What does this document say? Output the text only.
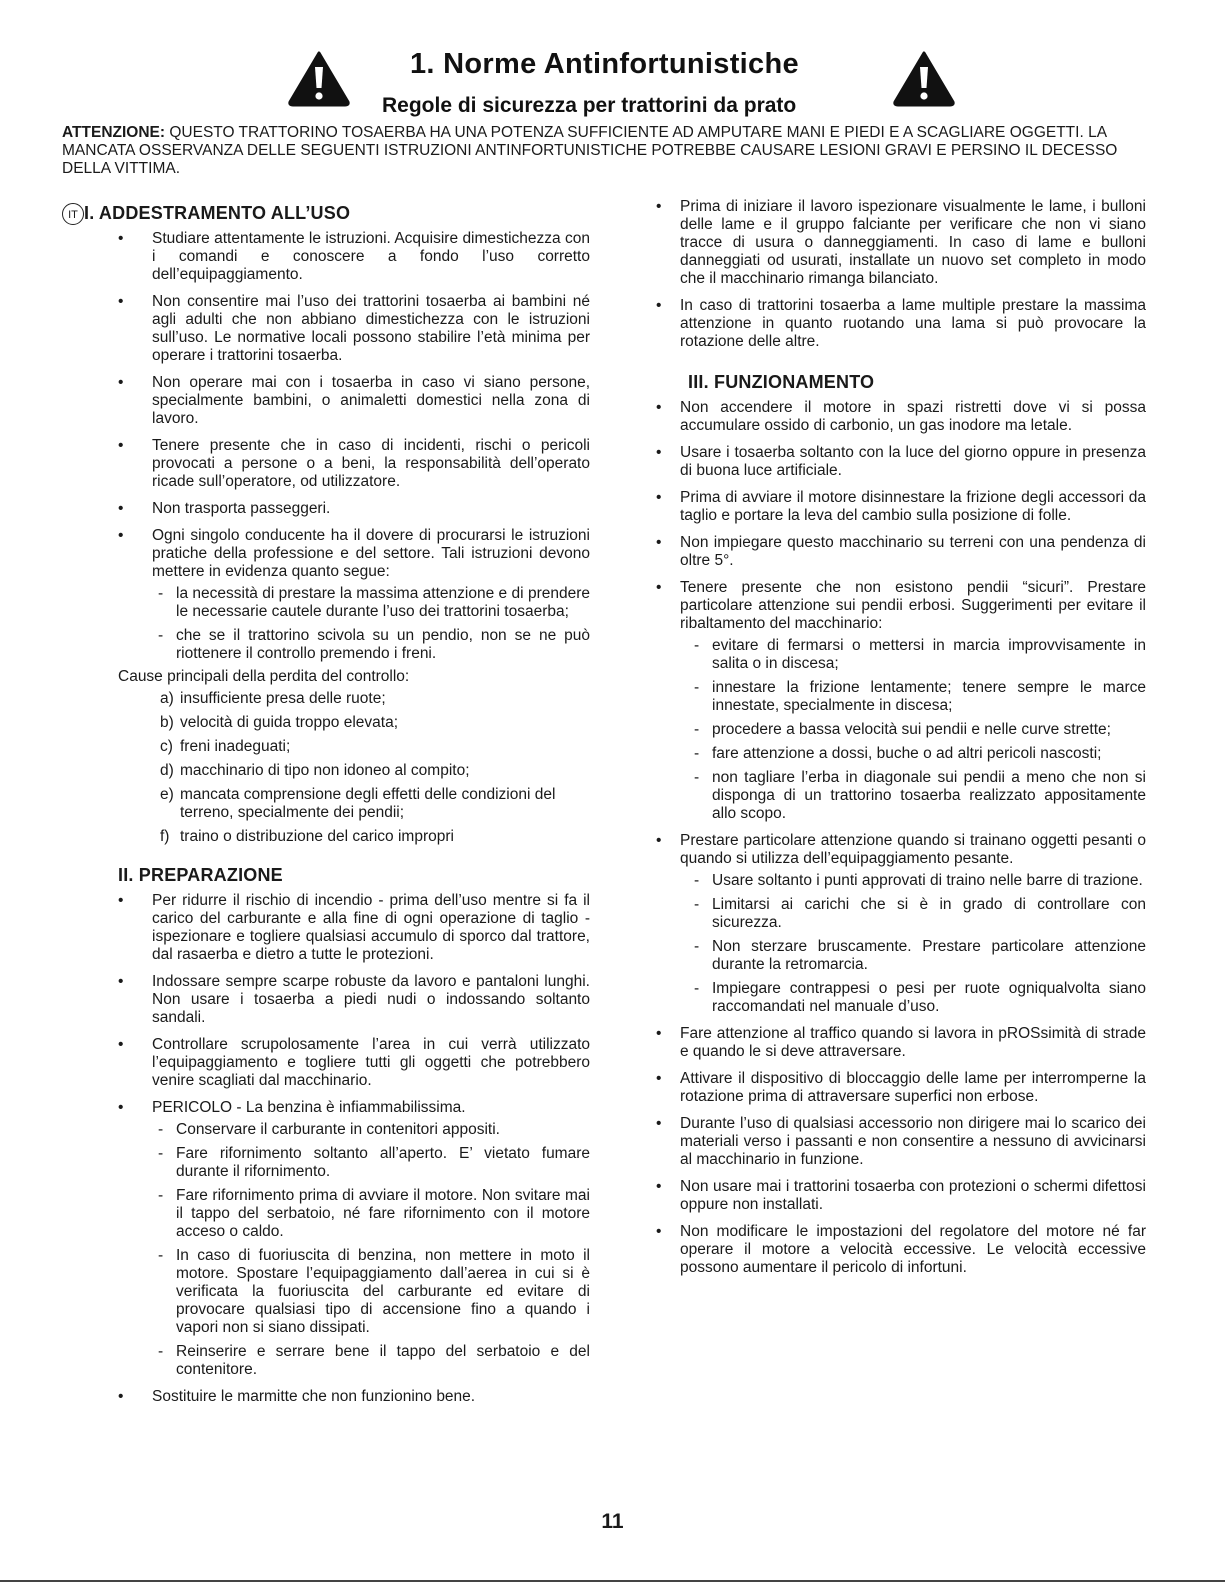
1. Norme Antinfortunistiche
Regole di sicurezza per trattorini da prato
ATTENZIONE: QUESTO TRATTORINO TOSAERBA HA UNA POTENZA SUFFICIENTE AD AMPUTARE MANI E PIEDI E A SCAGLIARE OGGETTI. LA MANCATA OSSERVANZA DELLE SEGUENTI ISTRUZIONI ANTINFORTUNISTICHE POTREBBE CAUSARE LESIONI GRAVI E PERSINO IL DECESSO DELLA VITTIMA.
IT I. ADDESTRAMENTO ALL’USO
• Studiare attentamente le istruzioni. Acquisire dimestichezza con i comandi e conoscere a fondo l’uso corretto dell’equipaggiamento.
• Non consentire mai l’uso dei trattorini tosaerba ai bambini né agli adulti che non abbiano dimestichezza con le istruzioni sull’uso. Le normative locali possono stabilire l’età minima per operare i trattorini tosaerba.
• Non operare mai con i tosaerba in caso vi siano persone, specialmente bambini, o animaletti domestici nella zona di lavoro.
• Tenere presente che in caso di incidenti, rischi o pericoli provocati a persone o a beni, la responsabilità dell’operato ricade sull’operatore, od utilizzatore.
• Non trasporta passeggeri.
• Ogni singolo conducente ha il dovere di procurarsi le istruzioni pratiche della professione e del settore. Tali istruzioni devono mettere in evidenza quanto segue:
- la necessità di prestare la massima attenzione e di prendere le necessarie cautele durante l’uso dei trattorini tosaerba;
- che se il trattorino scivola su un pendio, non se ne può riottenere il controllo premendo i freni.
Cause principali della perdita del controllo:
a) insufficiente presa delle ruote;
b) velocità di guida troppo elevata;
c) freni inadeguati;
d) macchinario di tipo non idoneo al compito;
e) mancata comprensione degli effetti delle condizioni del terreno, specialmente dei pendii;
f) traino o distribuzione del carico impropri
II. PREPARAZIONE
• Per ridurre il rischio di incendio - prima dell’uso mentre si fa il carico del carburante e alla fine di ogni operazione di taglio - ispezionare e togliere qualsiasi accumulo di sporco dal trattore, dal rasaerba e dietro a tutte le protezioni.
• Indossare sempre scarpe robuste da lavoro e pantaloni lunghi. Non usare i tosaerba a piedi nudi o indossando soltanto sandali.
• Controllare scrupolosamente l’area in cui verrà utilizzato l’equipaggiamento e togliere tutti gli oggetti che potrebbero venire scagliati dal macchinario.
• PERICOLO - La benzina è infiammabilissima.
- Conservare il carburante in contenitori appositi.
- Fare rifornimento soltanto all’aperto. E’ vietato fumare durante il rifornimento.
- Fare rifornimento prima di avviare il motore. Non svitare mai il tappo del serbatoio, né fare rifornimento con il motore acceso o caldo.
- In caso di fuoriuscita di benzina, non mettere in moto il motore. Spostare l’equipaggiamento dall’aerea in cui si è verificata la fuoriuscita del carburante ed evitare di provocare qualsiasi tipo di accensione fino a quando i vapori non si siano dissipati.
- Reinserire e serrare bene il tappo del serbatoio e del contenitore.
• Sostituire le marmitte che non funzionino bene.
• Prima di iniziare il lavoro ispezionare visualmente le lame, i bulloni delle lame e il gruppo falciante per verificare che non vi siano tracce di usura o danneggiamenti. In caso di lame e bulloni danneggiati od usurati, installate un nuovo set completo in modo che il macchinario rimanga bilanciato.
• In caso di trattorini tosaerba a lame multiple prestare la massima attenzione in quanto ruotando una lama si può provocare la rotazione delle altre.
III. FUNZIONAMENTO
• Non accendere il motore in spazi ristretti dove vi si possa accumulare ossido di carbonio, un gas inodore ma letale.
• Usare i tosaerba soltanto con la luce del giorno oppure in presenza di buona luce artificiale.
• Prima di avviare il motore disinnestare la frizione degli accessori da taglio e portare la leva del cambio sulla posizione di folle.
• Non impiegare questo macchinario su terreni con una pendenza di oltre 5°.
• Tenere presente che non esistono pendii “sicuri”. Prestare particolare attenzione sui pendii erbosi. Suggerimenti per evitare il ribaltamento del macchinario:
- evitare di fermarsi o mettersi in marcia improvvisamente in salita o in discesa;
- innestare la frizione lentamente; tenere sempre le marce innestate, specialmente in discesa;
- procedere a bassa velocità sui pendii e nelle curve strette;
- fare attenzione a dossi, buche o ad altri pericoli nascosti;
- non tagliare l’erba in diagonale sui pendii a meno che non si disponga di un trattorino tosaerba realizzato appositamente allo scopo.
• Prestare particolare attenzione quando si trainano oggetti pesanti o quando si utilizza dell’equipaggiamento pesante.
- Usare soltanto i punti approvati di traino nelle barre di trazione.
- Limitarsi ai carichi che si è in grado di controllare con sicurezza.
- Non sterzare bruscamente. Prestare particolare attenzione durante la retromarcia.
- Impiegare contrappesi o pesi per ruote ogniqualvolta siano raccomandati nel manuale d’uso.
• Fare attenzione al traffico quando si lavora in pROSsimità di strade e quando le si deve attraversare.
• Attivare il dispositivo di bloccaggio delle lame per interromperne la rotazione prima di attraversare superfici non erbose.
• Durante l’uso di qualsiasi accessorio non dirigere mai lo scarico dei materiali verso i passanti e non consentire a nessuno di avvicinarsi al macchinario in funzione.
• Non usare mai i trattorini tosaerba con protezioni o schermi difettosi oppure non installati.
• Non modificare le impostazioni del regolatore del motore né far operare il motore a velocità eccessive. Le velocità eccessive possono aumentare il pericolo di infortuni.
11
